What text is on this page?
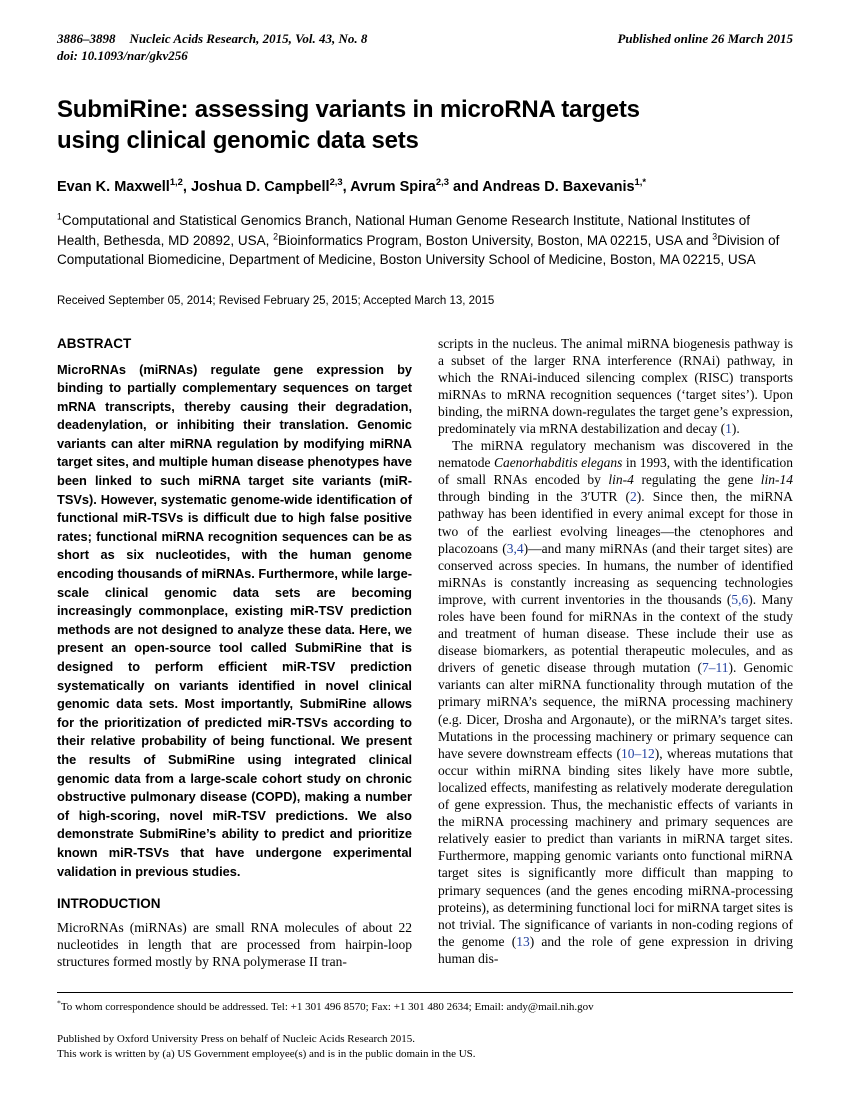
3886–3898 Nucleic Acids Research, 2015, Vol. 43, No. 8
doi: 10.1093/nar/gkv256
Published online 26 March 2015
SubmiRine: assessing variants in microRNA targets
using clinical genomic data sets
Evan K. Maxwell$^{1,2}$, Joshua D. Campbell$^{2,3}$, Avrum Spira$^{2,3}$ and Andreas D. Baxevanis$^{1,*}$
$^1$Computational and Statistical Genomics Branch, National Human Genome Research Institute, National Institutes of Health, Bethesda, MD 20892, USA, $^2$Bioinformatics Program, Boston University, Boston, MA 02215, USA and $^3$Division of Computational Biomedicine, Department of Medicine, Boston University School of Medicine, Boston, MA 02215, USA
Received September 05, 2014; Revised February 25, 2015; Accepted March 13, 2015
ABSTRACT
MicroRNAs (miRNAs) regulate gene expression by binding to partially complementary sequences on target mRNA transcripts, thereby causing their degradation, deadenylation, or inhibiting their translation. Genomic variants can alter miRNA regulation by modifying miRNA target sites, and multiple human disease phenotypes have been linked to such miRNA target site variants (miR-TSVs). However, systematic genome-wide identification of functional miR-TSVs is difficult due to high false positive rates; functional miRNA recognition sequences can be as short as six nucleotides, with the human genome encoding thousands of miRNAs. Furthermore, while large-scale clinical genomic data sets are becoming increasingly commonplace, existing miR-TSV prediction methods are not designed to analyze these data. Here, we present an open-source tool called SubmiRine that is designed to perform efficient miR-TSV prediction systematically on variants identified in novel clinical genomic data sets. Most importantly, SubmiRine allows for the prioritization of predicted miR-TSVs according to their relative probability of being functional. We present the results of SubmiRine using integrated clinical genomic data from a large-scale cohort study on chronic obstructive pulmonary disease (COPD), making a number of high-scoring, novel miR-TSV predictions. We also demonstrate SubmiRine’s ability to predict and prioritize known miR-TSVs that have undergone experimental validation in previous studies.
INTRODUCTION
MicroRNAs (miRNAs) are small RNA molecules of about 22 nucleotides in length that are processed from hairpin-loop structures formed mostly by RNA polymerase II tran-

scripts in the nucleus. The animal miRNA biogenesis pathway is a subset of the larger RNA interference (RNAi) pathway, in which the RNAi-induced silencing complex (RISC) transports miRNAs to mRNA recognition sequences (‘target sites’). Upon binding, the miRNA down-regulates the target gene’s expression, predominately via mRNA destabilization and decay (1).

The miRNA regulatory mechanism was discovered in the nematode Caenorhabditis elegans in 1993, with the identification of small RNAs encoded by lin-4 regulating the gene lin-14 through binding in the 3′UTR (2). Since then, the miRNA pathway has been identified in every animal except for those in two of the earliest evolving lineages—the ctenophores and placozoans (3,4)—and many miRNAs (and their target sites) are conserved across species. In humans, the number of identified miRNAs is constantly increasing as sequencing technologies improve, with current inventories in the thousands (5,6). Many roles have been found for miRNAs in the context of the study and treatment of human disease. These include their use as disease biomarkers, as potential therapeutic molecules, and as drivers of genetic disease through mutation (7–11). Genomic variants can alter miRNA functionality through mutation of the primary miRNA’s sequence, the miRNA processing machinery (e.g. Dicer, Drosha and Argonaute), or the miRNA’s target sites. Mutations in the processing machinery or primary sequence can have severe downstream effects (10–12), whereas mutations that occur within miRNA binding sites likely have more subtle, localized effects, manifesting as relatively moderate deregulation of gene expression. Thus, the mechanistic effects of variants in the miRNA processing machinery and primary sequences are relatively easier to predict than variants in miRNA target sites. Furthermore, mapping genomic variants onto functional miRNA target sites is significantly more difficult than mapping to primary sequences (and the genes encoding miRNA-processing proteins), as determining functional loci for miRNA target sites is not trivial. The significance of variants in non-coding regions of the genome (13) and the role of gene expression in driving human dis-

*To whom correspondence should be addressed. Tel: +1 301 496 8570; Fax: +1 301 480 2634; Email: andy@mail.nih.gov
Published by Oxford University Press on behalf of Nucleic Acids Research 2015.
This work is written by (a) US Government employee(s) and is in the public domain in the US.
